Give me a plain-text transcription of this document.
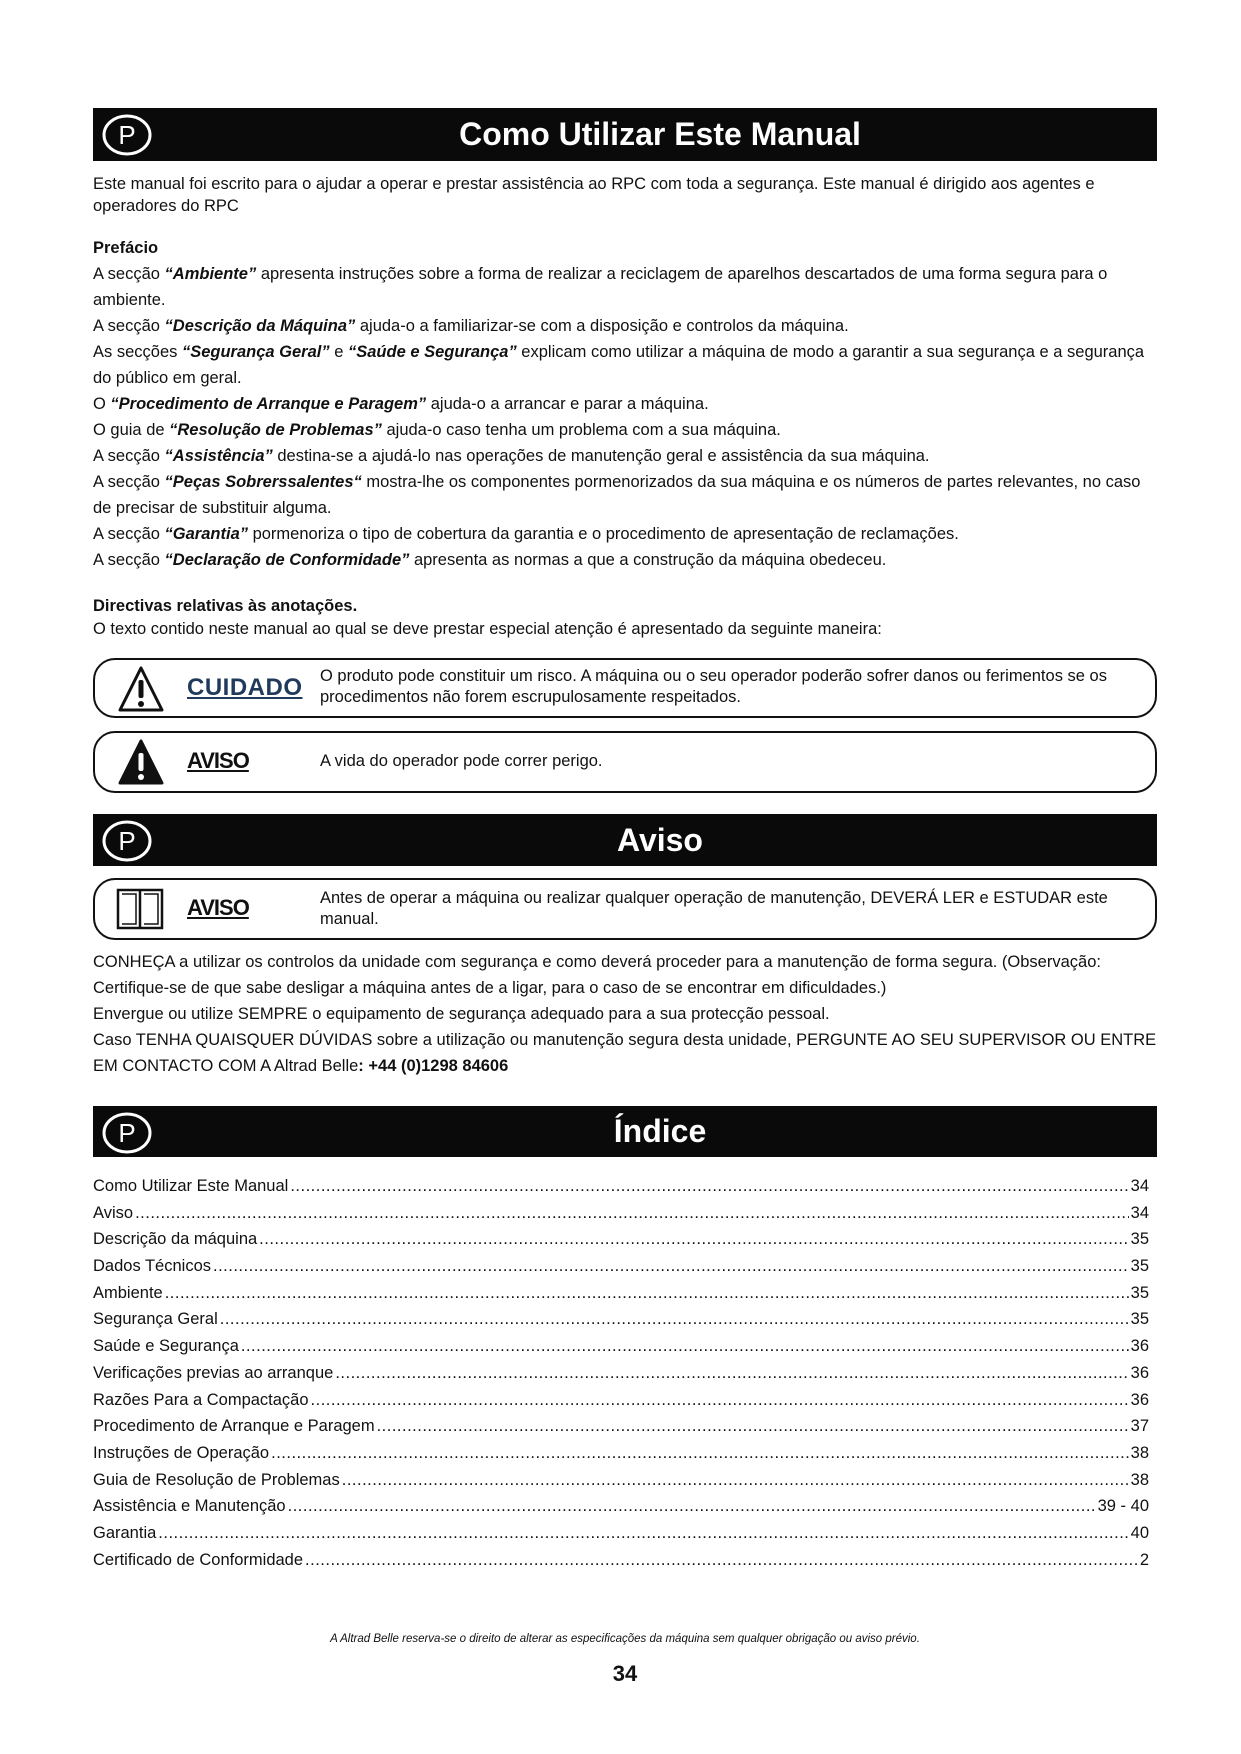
P	Como Utilizar Este Manual

Este manual foi escrito para o ajudar a operar e prestar assistência ao RPC com toda a segurança. Este manual é dirigido aos agentes e operadores do RPC

Prefácio

A secção “Ambiente” apresenta instruções sobre a forma de realizar a reciclagem de aparelhos descartados de uma forma segura para o ambiente.

A secção “Descrição da Máquina” ajuda-o a familiarizar-se com a disposição e controlos da máquina.

As secções “Segurança Geral” e “Saúde e Segurança” explicam como utilizar a máquina de modo a garantir a sua segurança e a segurança do público em geral.

O “Procedimento de Arranque e Paragem” ajuda-o a arrancar e parar a máquina.

O guia de “Resolução de Problemas” ajuda-o caso tenha um problema com a sua máquina.

A secção “Assistência” destina-se a ajudá-lo nas operações de manutenção geral e assistência da sua máquina.

A secção “Peças Sobrerssalentes“ mostra-lhe os componentes pormenorizados da sua máquina e os números de partes relevantes, no caso de precisar de substituir alguma.

A secção “Garantia” pormenoriza o tipo de cobertura da garantia e o procedimento de apresentação de reclamações.

A secção “Declaração de Conformidade” apresenta as normas a que a construção da máquina obedeceu.

Directivas relativas às anotações.

O texto contido neste manual ao qual se deve prestar especial atenção é apresentado da seguinte maneira:

CUIDADO O produto pode constituir um risco. A máquina ou o seu operador poderão sofrer danos ou ferimentos se os procedimentos não forem escrupulosamente respeitados.
AVISO	A vida do operador pode correr perigo.
P	Aviso
AVISO	Antes de operar a máquina ou realizar qualquer operação de manutenção, DEVERÁ LER e ESTUDAR este manual.

CONHEÇA a utilizar os controlos da unidade com segurança e como deverá proceder para a manutenção de forma segura. (Observação: Certifique-se de que sabe desligar a máquina antes de a ligar, para o caso de se encontrar em dificuldades.)

Envergue ou utilize SEMPRE o equipamento de segurança adequado para a sua protecção pessoal.

Caso TENHA QUAISQUER DÚVIDAS sobre a utilização ou manutenção segura desta unidade, PERGUNTE AO SEU SUPERVISOR OU ENTRE EM CONTACTO COM A Altrad Belle: +44 (0)1298 84606

P	Índice
Como Utilizar Este Manual .....	34
Aviso .....	34
Descrição da máquina .....	35
Dados Técnicos .....	35
Ambiente .....	35
Segurança Geral .....	35
Saúde e Segurança .....	36
Verificações previas ao arranque .....	36
Razões Para a Compactação .....	36
Procedimento de Arranque e Paragem .....	37
Instruções de Operação .....	38
Guia de Resolução de Problemas .....	38
Assistência e Manutenção .....	39 - 40
Garantia .....	40
Certificado de Conformidade .....	2
A Altrad Belle reserva-se o direito de alterar as especificações da máquina sem qualquer obrigação ou aviso prévio.
34
